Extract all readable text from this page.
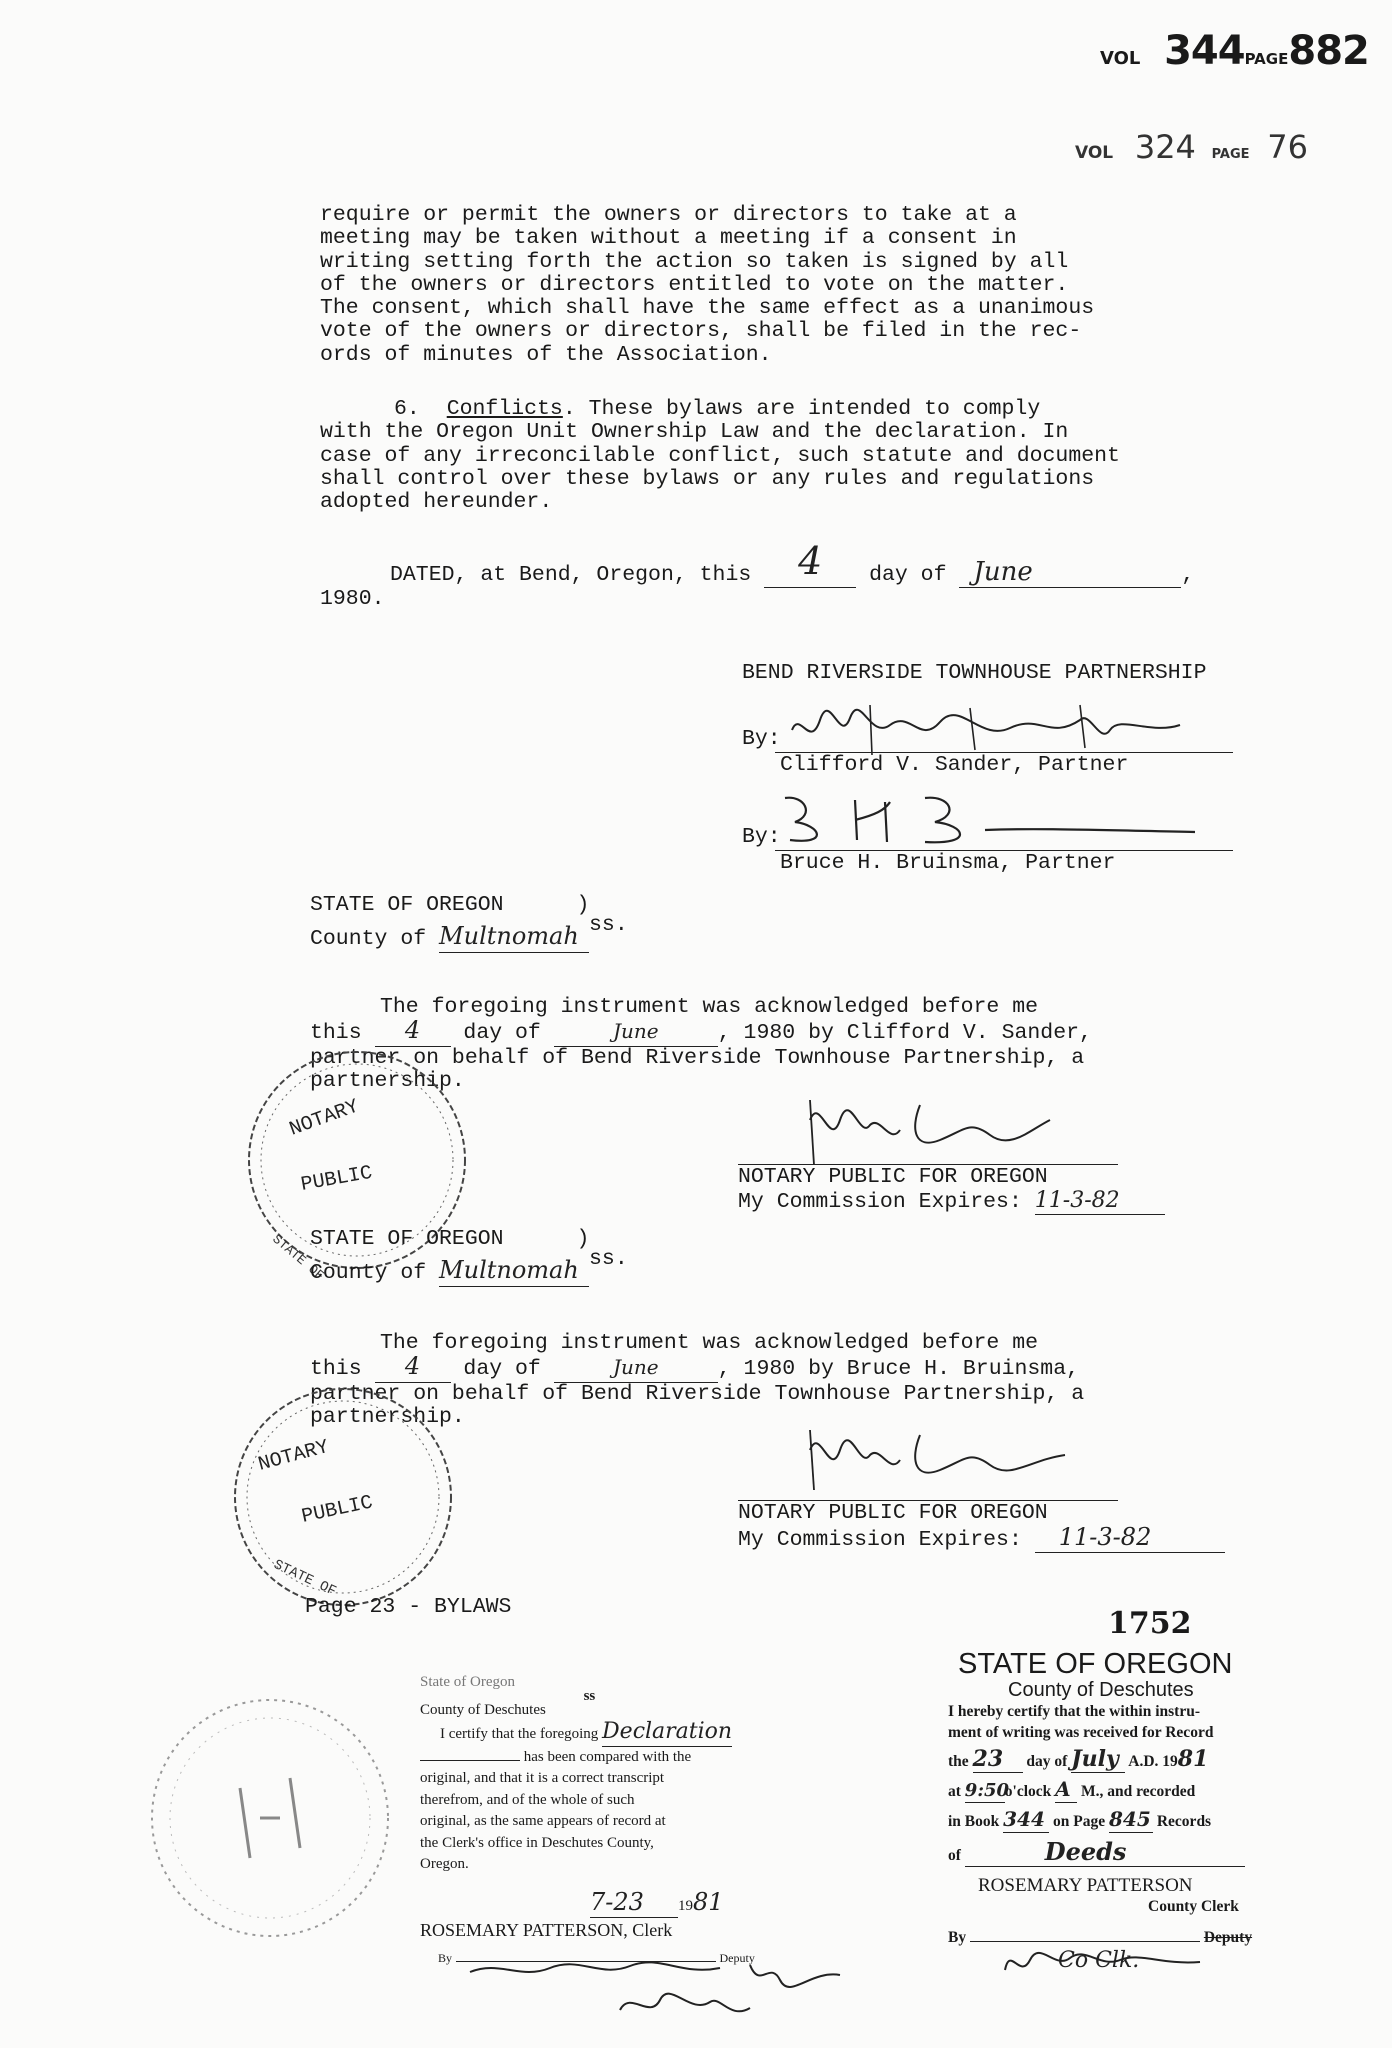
VOL 344PAGE882
VOL 324 PAGE 76
require or permit the owners or directors to take at a
meeting may be taken without a meeting if a consent in
writing setting forth the action so taken is signed by all
of the owners or directors entitled to vote on the matter.
The consent, which shall have the same effect as a unanimous
vote of the owners or directors, shall be filed in the rec-
ords of minutes of the Association.
6. Conflicts. These bylaws are intended to comply
with the Oregon Unit Ownership Law and the declaration. In
case of any irreconcilable conflict, such statute and document
shall control over these bylaws or any rules and regulations
adopted hereunder.
DATED, at Bend, Oregon, this 4 day of June	,
1980.
BEND RIVERSIDE TOWNHOUSE PARTNERSHIP
By:
Clifford V. Sander, Partner
By:
Bruce H. Bruinsma, Partner
STATE OF OREGON	)
County of Multnomah ss.
The foregoing instrument was acknowledged before me
this 4 day of	June	, 1980 by Clifford V. Sander,
partner on behalf of Bend Riverside Townhouse Partnership, a
partnership.
NOTARY
PUBLIC
STATE OF
NOTARY PUBLIC FOR OREGON
My Commission Expires: 11-3-82
STATE OF OREGON	)
County of Multnomah ss.
The foregoing instrument was acknowledged before me
this 4 day of	June	, 1980 by Bruce H. Bruinsma,
partner on behalf of Bend Riverside Townhouse Partnership, a
partnership.
NOTARY
PUBLIC
STATE OF
NOTARY PUBLIC FOR OREGON
My Commission Expires: 11-3-82
Page 23 - BYLAWS
State of Oregon
County of Deschutes ss
I certify that the foregoing Declaration
has been compared with the
original, and that it is a correct transcript
therefrom, and of the whole of such
original, as the same appears of record at
the Clerk's office in Deschutes County,
Oregon.
7-23 1981
ROSEMARY PATTERSON, Clerk
By	Deputy
1752
STATE OF OREGON
County of Deschutes
I hereby certify that the within instru-
ment of writing was received for Record
the 23 day of July A.D. 1981
at 9:50o'clock A M., and recorded
in Book 344 on Page 845 Records
of	Deeds
ROSEMARY PATTERSON
County Clerk
By	Deputy
Co Clk.
